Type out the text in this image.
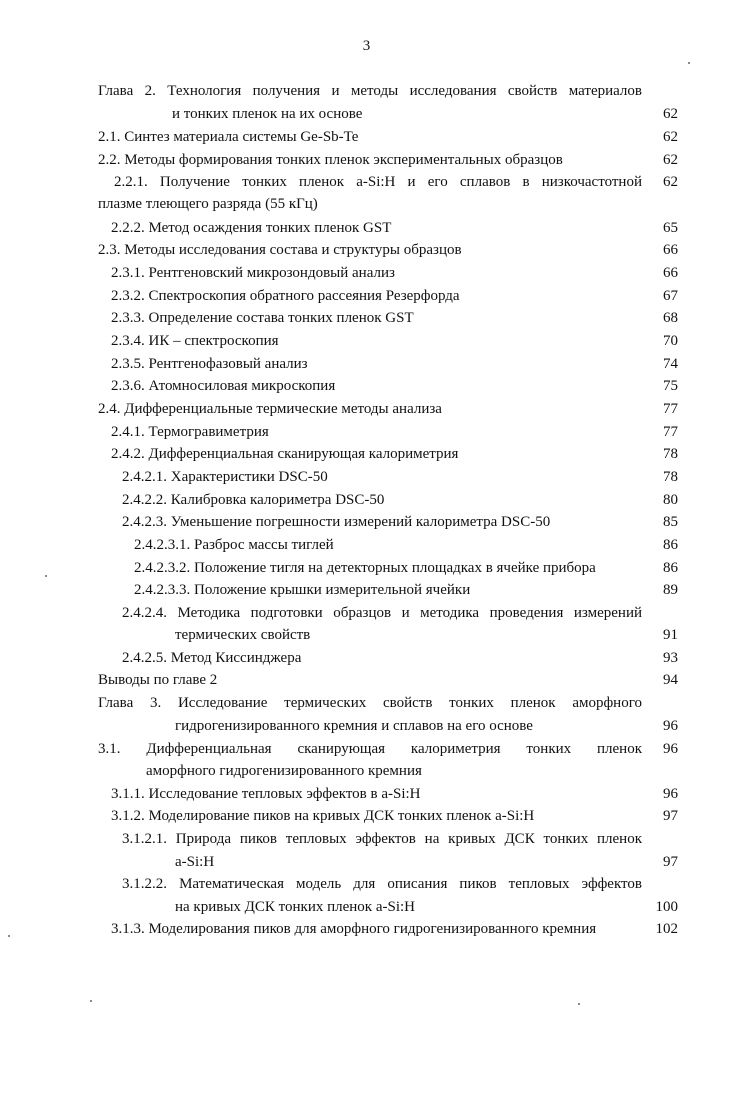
3
Глава 2. Технология получения и методы исследования свойств материалов
и тонких пленок на их основе	62
2.1. Синтез материала системы Ge-Sb-Te	62
2.2. Методы формирования тонких пленок экспериментальных образцов	62
2.2.1. Получение тонких пленок a-Si:H и его сплавов в низкочастотной	62
плазме тлеющего разряда (55 кГц)
2.2.2. Метод осаждения тонких пленок GST	65
2.3. Методы исследования состава и структуры образцов	66
2.3.1. Рентгеновский микрозондовый анализ	66
2.3.2. Спектроскопия обратного рассеяния Резерфорда	67
2.3.3. Определение состава тонких пленок GST	68
2.3.4. ИК – спектроскопия	70
2.3.5. Рентгенофазовый анализ	74
2.3.6. Атомносиловая микроскопия	75
2.4. Дифференциальные термические методы анализа	77
2.4.1. Термогравиметрия	77
2.4.2. Дифференциальная сканирующая калориметрия	78
2.4.2.1. Характеристики DSC-50	78
2.4.2.2. Калибровка калориметра DSC-50	80
2.4.2.3. Уменьшение погрешности измерений калориметра DSC-50	85
2.4.2.3.1. Разброс массы тиглей	86
2.4.2.3.2. Положение тигля на детекторных площадках в ячейке прибора	86
2.4.2.3.3. Положение крышки измерительной ячейки	89
2.4.2.4. Методика подготовки образцов и методика проведения измерений
термических свойств	91
2.4.2.5. Метод Киссинджера	93
Выводы по главе 2	94
Глава 3. Исследование термических свойств тонких пленок аморфного
гидрогенизированного кремния и сплавов на его основе	96
3.1. Дифференциальная сканирующая калориметрия тонких пленок	96
аморфного гидрогенизированного кремния
3.1.1. Исследование тепловых эффектов в a-Si:H	96
3.1.2. Моделирование пиков на кривых ДСК тонких пленок a-Si:H	97
3.1.2.1. Природа пиков тепловых эффектов на кривых ДСК тонких пленок
a-Si:H	97
3.1.2.2. Математическая модель для описания пиков тепловых эффектов
на кривых ДСК тонких пленок a-Si:H	100
3.1.3. Моделирования пиков для аморфного гидрогенизированного кремния	102
